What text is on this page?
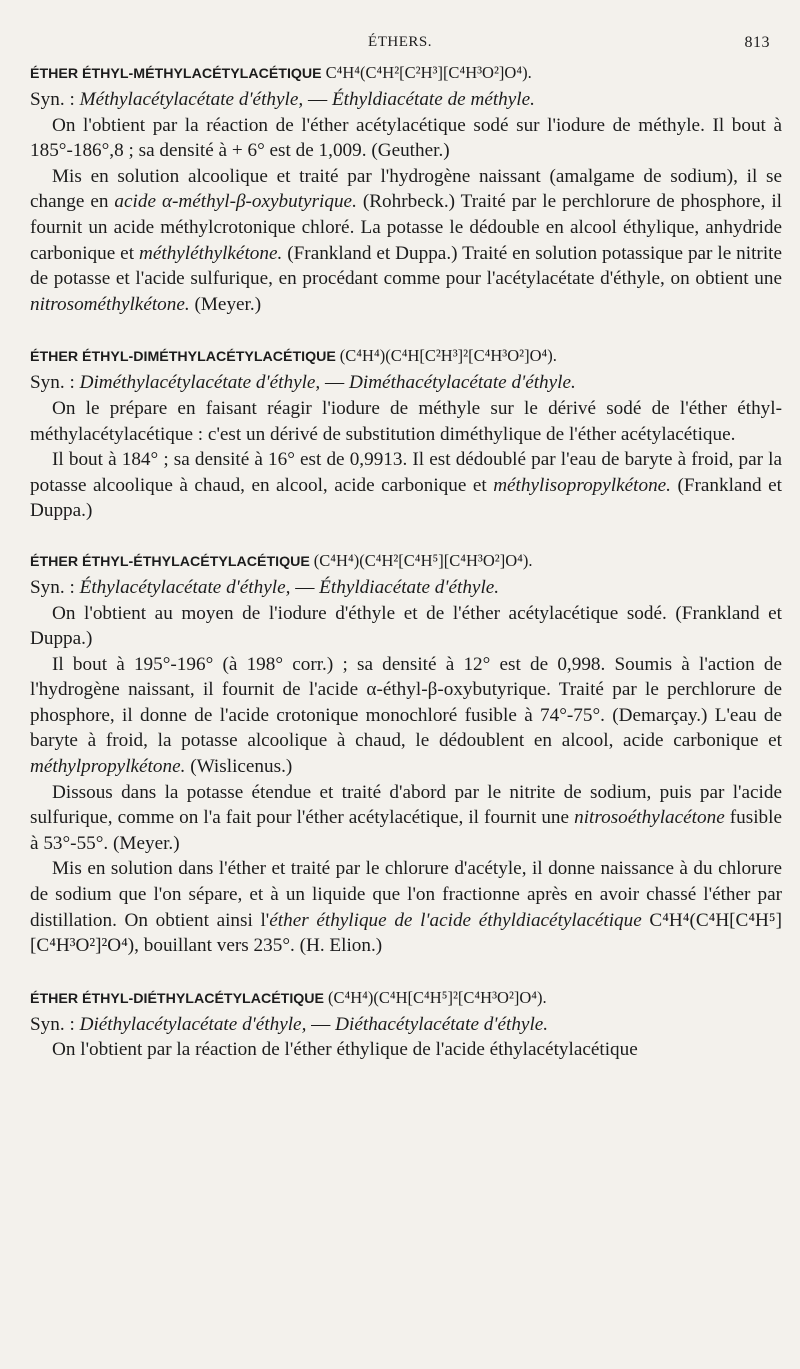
ÉTHERS.	813
ÉTHER ÉTHYL-MÉTHYLACÉTYLACÉTIQUE C⁴H⁴(C⁴H²[C²H³][C⁴H³O²]O⁴).

Syn. : Méthylacétylacétate d'éthyle, — Éthyldiacétate de méthyle.

On l'obtient par la réaction de l'éther acétylacétique sodé sur l'iodure de méthyle. Il bout à 185°-186°,8 ; sa densité à + 6° est de 1,009. (Geuther.)

Mis en solution alcoolique et traité par l'hydrogène naissant (amalgame de sodium), il se change en acide α-méthyl-β-oxybutyrique. (Rohrbeck.) Traité par le perchlorure de phosphore, il fournit un acide méthylcrotonique chloré. La potasse le dédouble en alcool éthylique, anhydride carbonique et méthyléthylkétone. (Frankland et Duppa.) Traité en solution potassique par le nitrite de potasse et l'acide sulfurique, en procédant comme pour l'acétylacétate d'éthyle, on obtient une nitrosométhylkétone. (Meyer.)

ÉTHER ÉTHYL-DIMÉTHYLACÉTYLACÉTIQUE (C⁴H⁴)(C⁴H[C²H³]²[C⁴H³O²]O⁴).

Syn. : Diméthylacétylacétate d'éthyle, — Diméthacétylacétate d'éthyle.

On le prépare en faisant réagir l'iodure de méthyle sur le dérivé sodé de l'éther éthyl-méthylacétylacétique : c'est un dérivé de substitution diméthylique de l'éther acétylacétique.

Il bout à 184° ; sa densité à 16° est de 0,9913. Il est dédoublé par l'eau de baryte à froid, par la potasse alcoolique à chaud, en alcool, acide carbonique et méthylisopropylkétone. (Frankland et Duppa.)

ÉTHER ÉTHYL-ÉTHYLACÉTYLACÉTIQUE (C⁴H⁴)(C⁴H²[C⁴H⁵][C⁴H³O²]O⁴).

Syn. : Éthylacétylacétate d'éthyle, — Éthyldiacétate d'éthyle.

On l'obtient au moyen de l'iodure d'éthyle et de l'éther acétylacétique sodé. (Frankland et Duppa.)

Il bout à 195°-196° (à 198° corr.) ; sa densité à 12° est de 0,998. Soumis à l'action de l'hydrogène naissant, il fournit de l'acide α-éthyl-β-oxybutyrique. Traité par le perchlorure de phosphore, il donne de l'acide crotonique monochloré fusible à 74°-75°. (Demarçay.) L'eau de baryte à froid, la potasse alcoolique à chaud, le dédoublent en alcool, acide carbonique et méthylpropylkétone. (Wislicenus.)

Dissous dans la potasse étendue et traité d'abord par le nitrite de sodium, puis par l'acide sulfurique, comme on l'a fait pour l'éther acétylacétique, il fournit une nitrosoéthylacétone fusible à 53°-55°. (Meyer.)

Mis en solution dans l'éther et traité par le chlorure d'acétyle, il donne naissance à du chlorure de sodium que l'on sépare, et à un liquide que l'on fractionne après en avoir chassé l'éther par distillation. On obtient ainsi l'éther éthylique de l'acide éthyldiacétylacétique C⁴H⁴(C⁴H[C⁴H⁵][C⁴H³O²]²O⁴), bouillant vers 235°. (H. Elion.)

ÉTHER ÉTHYL-DIÉTHYLACÉTYLACÉTIQUE (C⁴H⁴)(C⁴H[C⁴H⁵]²[C⁴H³O²]O⁴).

Syn. : Diéthylacétylacétate d'éthyle, — Diéthacétylacétate d'éthyle.

On l'obtient par la réaction de l'éther éthylique de l'acide éthylacétylacétique
